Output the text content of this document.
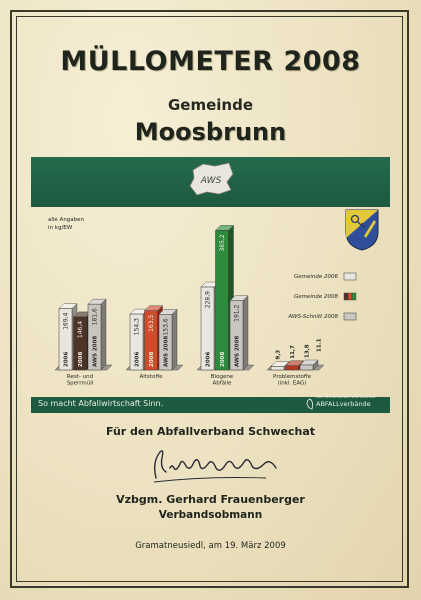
MÜLLOMETER 2008
Gemeinde
Moosbrunn
AWS
alle Angaben
in kg/EW
169,4
2006
154,3
2006
228,9
2006	9,3
146,4
2008
163,5
2008
385,2
2008	11,7
181,6
AWS 2008
153,6
AWS 2008
191,2
AWS 2008	13,8 11.1
Rest- und
Sperrmüll
Altstoffe	Biogene
Abfälle
Problemstoffe
(inkl. EAG)
Gemeinde 2006
Gemeinde 2008
AWS-Schnitt 2008
So macht Abfallwirtschaft Sinn.
die niederösterreichischen
ABFALLverbände
Für den Abfallverband Schwechat
Vzbgm. Gerhard Frauenberger
Verbandsobmann
Gramatneusiedl, am 19. März 2009
